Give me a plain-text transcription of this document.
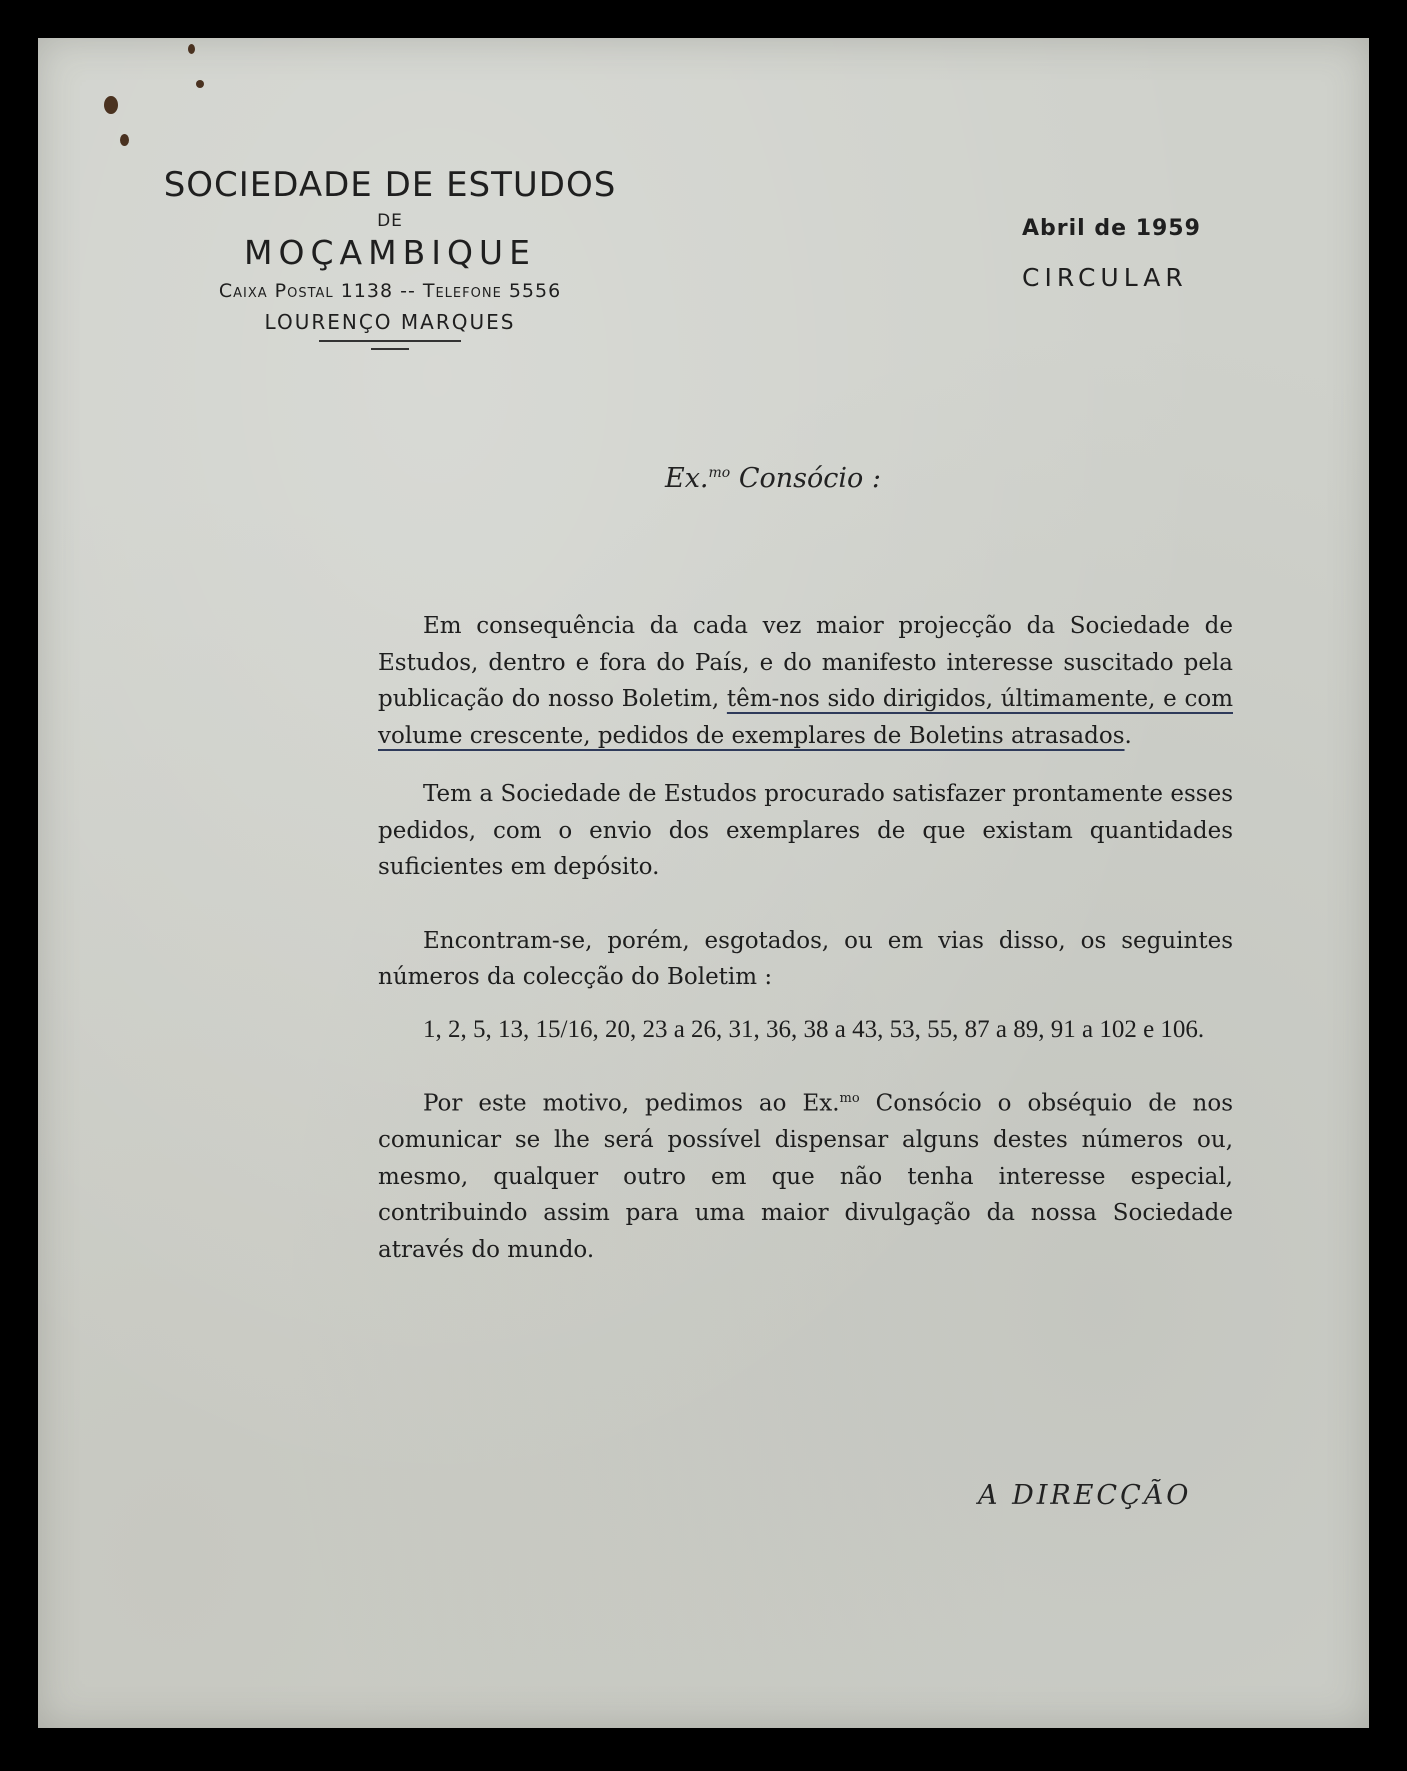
SOCIEDADE DE ESTUDOS
DE
MOÇAMBIQUE
Caixa Postal 1138 -- Telefone 5556
LOURENÇO MARQUES
Abril de 1959
CIRCULAR
Ex.$^{mo}$ Consócio :

Em consequência da cada vez maior projecção da Sociedade de Estudos, dentro e fora do País, e do manifesto interesse suscitado pela publicação do nosso Boletim, têm-nos sido dirigidos, últimamente, e com volume crescente, pedidos de exemplares de Boletins atrasados.

Tem a Sociedade de Estudos procurado satisfazer prontamente esses pedidos, com o envio dos exemplares de que existam quantidades suficientes em depósito.

Encontram-se, porém, esgotados, ou em vias disso, os seguintes números da colecção do Boletim :

1, 2, 5, 13, 15/16, 20, 23 a 26, 31, 36, 38 a 43, 53, 55, 87 a 89, 91 a 102 e 106.

Por este motivo, pedimos ao Ex.$^{mo}$ Consócio o obséquio de nos comunicar se lhe será possível dispensar alguns destes números ou, mesmo, qualquer outro em que não tenha interesse especial, contribuindo assim para uma maior divulgação da nossa Sociedade através do mundo.

A DIRECÇÃO
